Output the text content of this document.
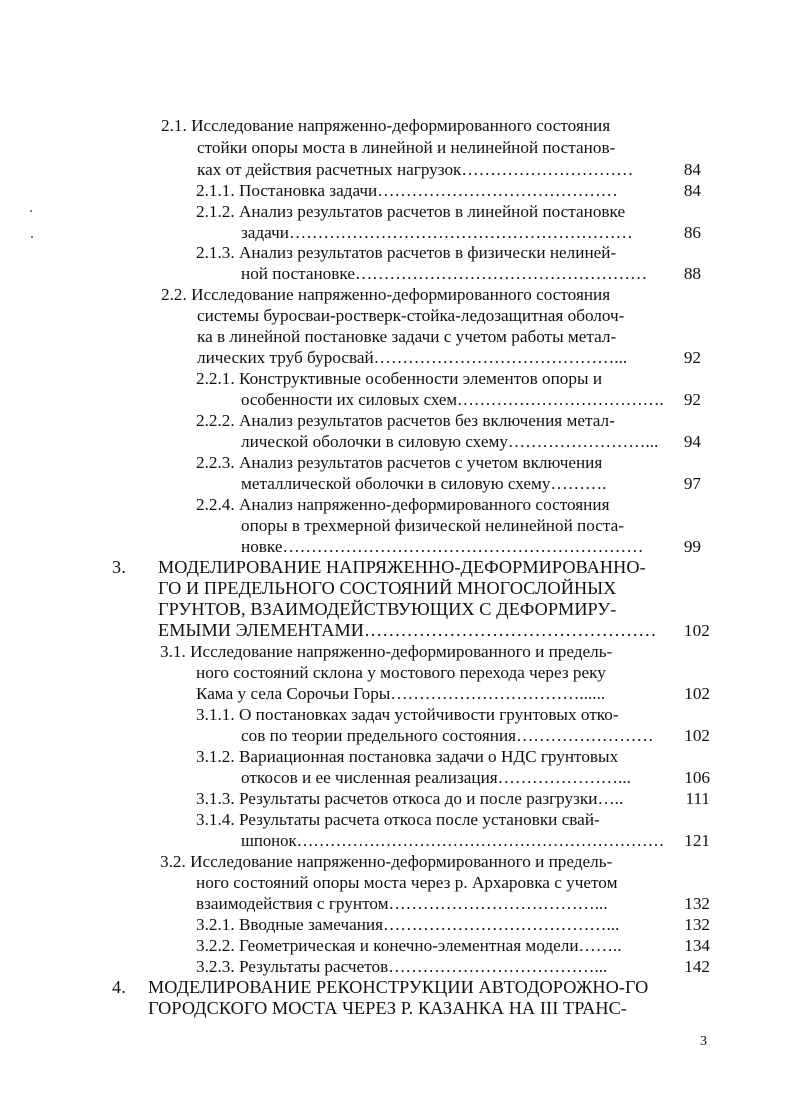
2.1. Исследование напряженно-деформированного состояния
стойки опоры моста в линейной и нелинейной постанов-
ках от действия расчетных нагрузок…………………………	84
2.1.1. Постановка задачи……………………………………	84
2.1.2. Анализ результатов расчетов в линейной постановке
задачи……………………………………………………	86
2.1.3. Анализ результатов расчетов в физически нелиней-
ной постановке……………………………………………	88
2.2. Исследование напряженно-деформированного состояния
системы буросваи-ростверк-стойка-ледозащитная оболоч-
ка в линейной постановке задачи с учетом работы метал-
лических труб буросвай……………………………………...	92
2.2.1. Конструктивные особенности элементов опоры и
особенности их силовых схем……………………………….	92
2.2.2. Анализ результатов расчетов без включения метал-
лической оболочки в силовую схему……………………...	94
2.2.3. Анализ результатов расчетов с учетом включения
металлической оболочки в силовую схему……….	97
2.2.4. Анализ напряженно-деформированного состояния
опоры в трехмерной физической нелинейной поста-
новке………………………………………………………	99
3. МОДЕЛИРОВАНИЕ НАПРЯЖЕННО-ДЕФОРМИРОВАННО-
ГО И ПРЕДЕЛЬНОГО СОСТОЯНИЙ МНОГОСЛОЙНЫХ
ГРУНТОВ, ВЗАИМОДЕЙСТВУЮЩИХ С ДЕФОРМИРУ-
ЕМЫМИ ЭЛЕМЕНТАМИ…………………………………………	102
3.1. Исследование напряженно-деформированного и предель-
ного состояний склона у мостового перехода через реку
Кама у села Сорочьи Горы……………………………......	102
3.1.1. О постановках задач устойчивости грунтовых отко-
сов по теории предельного состояния……………………	102
3.1.2. Вариационная постановка задачи о НДС грунтовых
откосов и ее численная реализация…………………...	106
3.1.3. Результаты расчетов откоса до и после разгрузки…..	111
3.1.4. Результаты расчета откоса после установки свай-
шпонок…………………………………………………………	121
3.2. Исследование напряженно-деформированного и предель-
ного состояний опоры моста через р. Архаровка с учетом
взаимодействия с грунтом………………………………...	132
3.2.1. Вводные замечания…………………………………...	132
3.2.2. Геометрическая и конечно-элементная модели……..	134
3.2.3. Результаты расчетов………………………………...	142
4. МОДЕЛИРОВАНИЕ РЕКОНСТРУКЦИИ АВТОДОРОЖНО-ГО
ГОРОДСКОГО МОСТА ЧЕРЕЗ Р. КАЗАНКА НА III ТРАНС-
3
